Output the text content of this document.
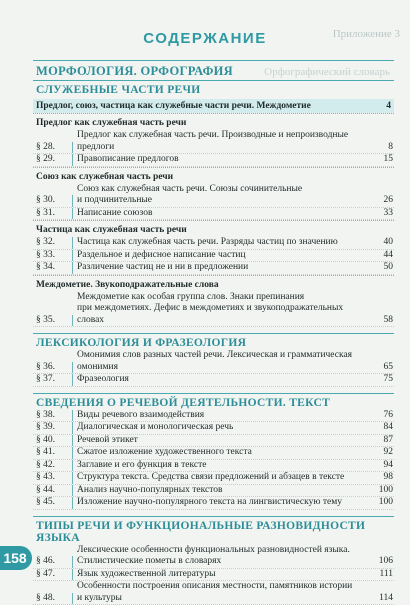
Приложение 3
Орфографический словарь
СОДЕРЖАНИЕ
МОРФОЛОГИЯ. ОРФОГРАФИЯ
СЛУЖЕБНЫЕ ЧАСТИ РЕЧИ
Предлог, союз, частица как служебные части речи. Междометие	4
Предлог как служебная часть речи
§ 28.
Предлог как служебная часть речи. Производные и непроизводные
предлоги	8
§ 29.	Правописание предлогов	15
Союз как служебная часть речи
§ 30.
Союз как служебная часть речи. Союзы сочинительные
и подчинительные	26
§ 31.	Написание союзов	33
Частица как служебная часть речи
§ 32.	Частица как служебная часть речи. Разряды частиц по значению	40
§ 33.	Раздельное и дефисное написание частиц	44
§ 34.	Различение частиц не и ни в предложении	50
Междометие. Звукоподражательные слова
§ 35.
Междометие как особая группа слов. Знаки препинания
при междометиях. Дефис в междометиях и звукоподражательных
словах	58
ЛЕКСИКОЛОГИЯ И ФРАЗЕОЛОГИЯ
§ 36.
Омонимия слов разных частей речи. Лексическая и грамматическая
омонимия	65
§ 37.	Фразеология	75
СВЕДЕНИЯ О РЕЧЕВОЙ ДЕЯТЕЛЬНОСТИ. ТЕКСТ
§ 38.	Виды речевого взаимодействия	76
§ 39.	Диалогическая и монологическая речь	84
§ 40.	Речевой этикет	87
§ 41.	Сжатое изложение художественного текста	92
§ 42.	Заглавие и его функция в тексте	94
§ 43.	Структура текста. Средства связи предложений и абзацев в тексте	98
§ 44.	Анализ научно-популярных текстов	100
§ 45.	Изложение научно-популярного текста на лингвистическую тему	100
ТИПЫ РЕЧИ И ФУНКЦИОНАЛЬНЫЕ РАЗНОВИДНОСТИ ЯЗЫКА
§ 46.
Лексические особенности функциональных разновидностей языка.
Стилистические пометы в словарях	106
§ 47.	Язык художественной литературы	111
§ 48.
Особенности построения описания местности, памятников истории
и культуры	114
158
